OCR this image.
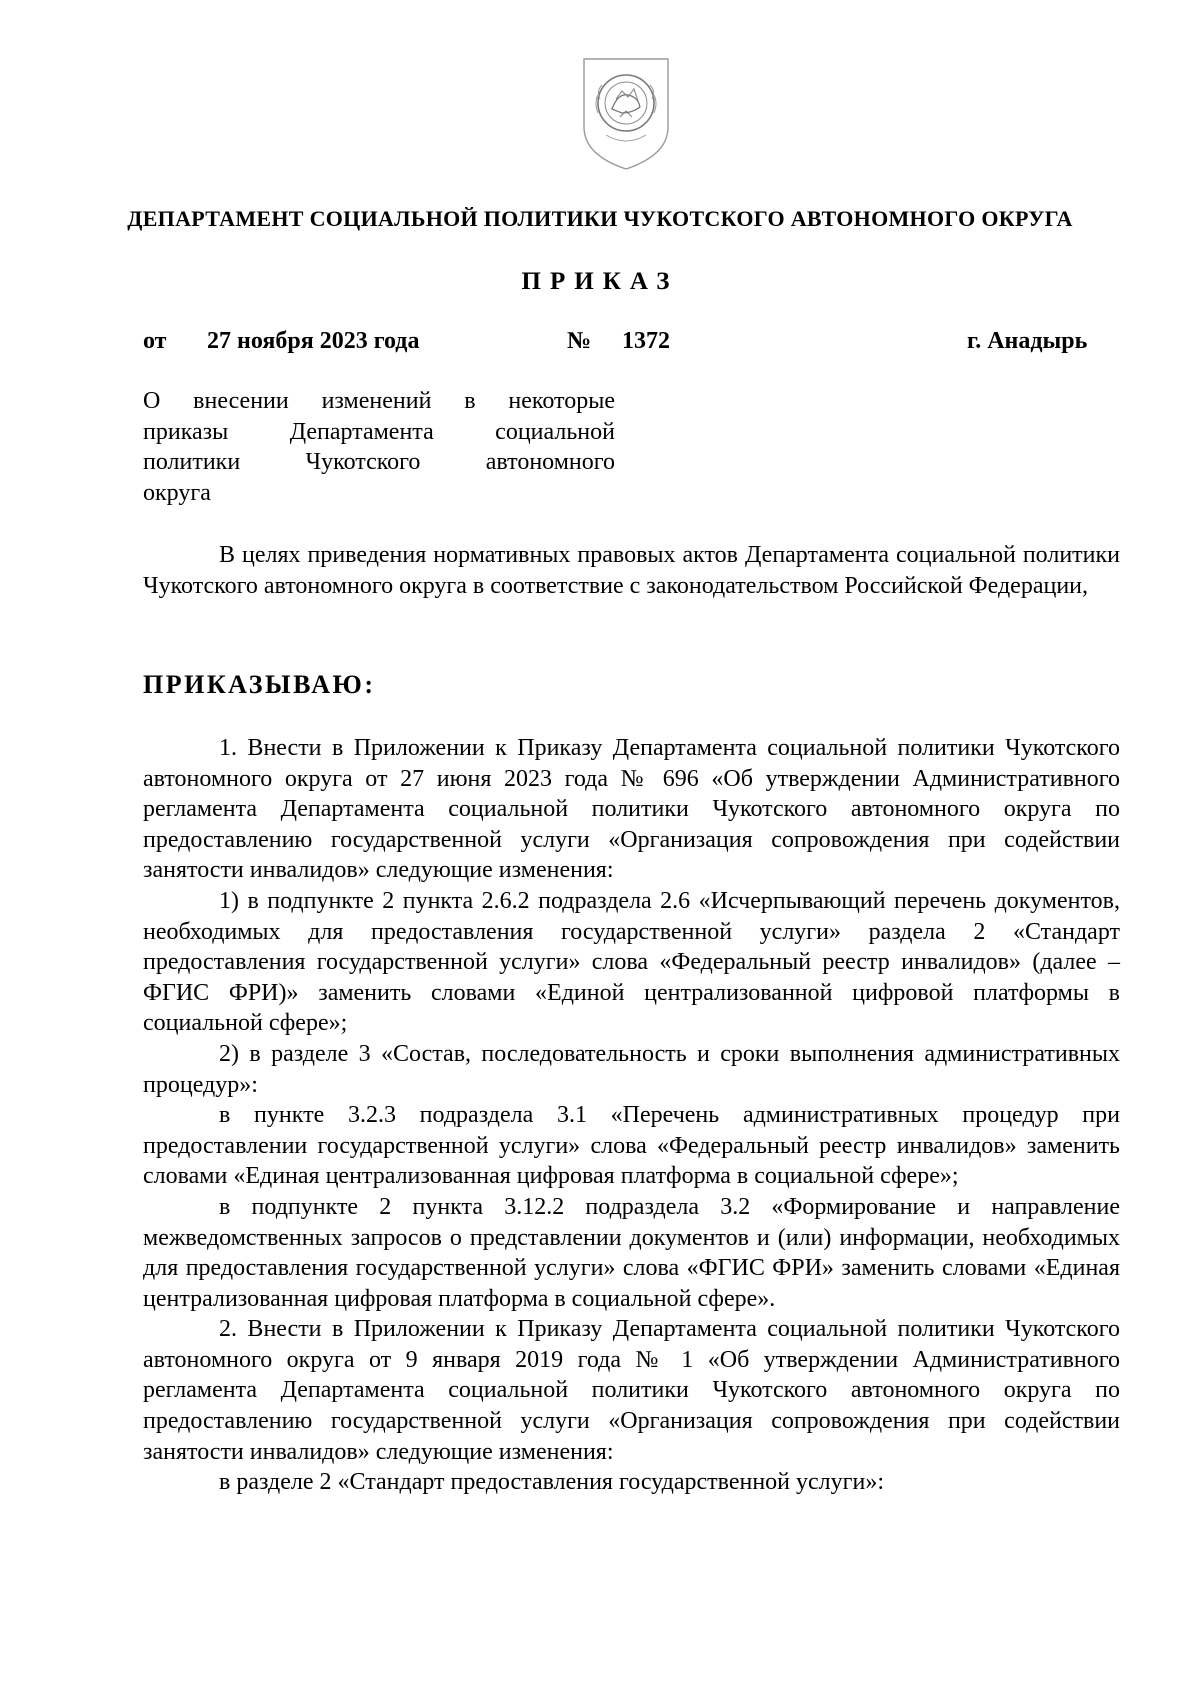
ДЕПАРТАМЕНТ СОЦИАЛЬНОЙ ПОЛИТИКИ ЧУКОТСКОГО АВТОНОМНОГО ОКРУГА
ПРИКАЗ
от 27 ноября 2023 года	№ 1372	г. Анадырь
О внесении изменений в некоторые
приказы Департамента социальной
политики Чукотского автономного
округа

В целях приведения нормативных правовых актов Департамента социальной политики Чукотского автономного округа в соответствие с законодательством Российской Федерации,

ПРИКАЗЫВАЮ:

1. Внести в Приложении к Приказу Департамента социальной политики Чукотского автономного округа от 27 июня 2023 года № 696 «Об утверждении Административного регламента Департамента социальной политики Чукотского автономного округа по предоставлению государственной услуги «Организация сопровождения при содействии занятости инвалидов» следующие изменения:

1) в подпункте 2 пункта 2.6.2 подраздела 2.6 «Исчерпывающий перечень документов, необходимых для предоставления государственной услуги» раздела 2 «Стандарт предоставления государственной услуги» слова «Федеральный реестр инвалидов» (далее – ФГИС ФРИ)» заменить словами «Единой централизованной цифровой платформы в социальной сфере»;

2) в разделе 3 «Состав, последовательность и сроки выполнения административных процедур»:

в пункте 3.2.3 подраздела 3.1 «Перечень административных процедур при предоставлении государственной услуги» слова «Федеральный реестр инвалидов» заменить словами «Единая централизованная цифровая платформа в социальной сфере»;

в подпункте 2 пункта 3.12.2 подраздела 3.2 «Формирование и направление межведомственных запросов о представлении документов и (или) информации, необходимых для предоставления государственной услуги» слова «ФГИС ФРИ» заменить словами «Единая централизованная цифровая платформа в социальной сфере».

2. Внести в Приложении к Приказу Департамента социальной политики Чукотского автономного округа от 9 января 2019 года № 1 «Об утверждении Административного регламента Департамента социальной политики Чукотского автономного округа по предоставлению государственной услуги «Организация сопровождения при содействии занятости инвалидов» следующие изменения:

в разделе 2 «Стандарт предоставления государственной услуги»:
